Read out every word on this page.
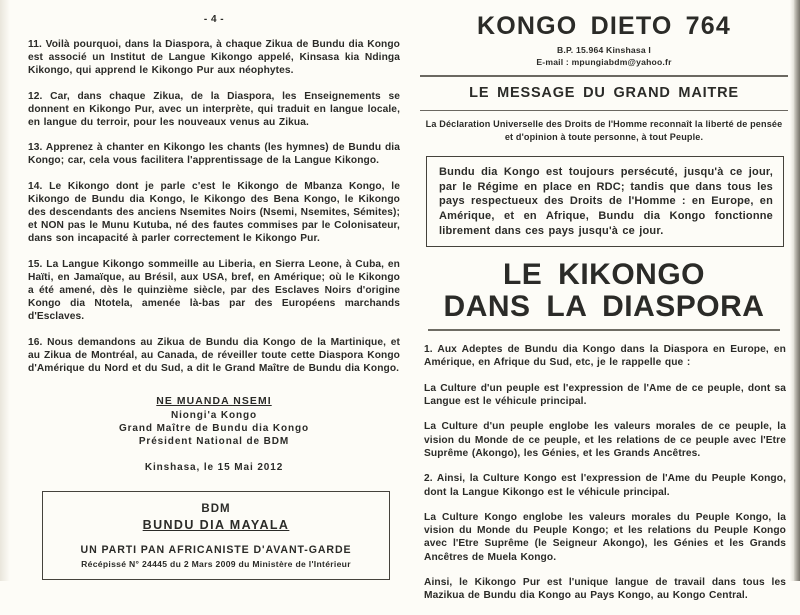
- 4 -

11. Voilà pourquoi, dans la Diaspora, à chaque Zikua de Bundu dia Kongo est associé un Institut de Langue Kikongo appelé, Kinsasa kia Ndinga Kikongo, qui apprend le Kikongo Pur aux néophytes.

12. Car, dans chaque Zikua, de la Diaspora, les Enseignements se donnent en Kikongo Pur, avec un interprète, qui traduit en langue locale, en langue du terroir, pour les nouveaux venus au Zikua.

13. Apprenez à chanter en Kikongo les chants (les hymnes) de Bundu dia Kongo; car, cela vous facilitera l'apprentissage de la Langue Kikongo.

14. Le Kikongo dont je parle c'est le Kikongo de Mbanza Kongo, le Kikongo de Bundu dia Kongo, le Kikongo des Bena Kongo, le Kikongo des descendants des anciens Nsemites Noirs (Nsemi, Nsemites, Sémites); et NON pas le Munu Kutuba, né des fautes commises par le Colonisateur, dans son incapacité à parler correctement le Kikongo Pur.

15. La Langue Kikongo sommeille au Liberia, en Sierra Leone, à Cuba, en Haïti, en Jamaïque, au Brésil, aux USA, bref, en Amérique; où le Kikongo a été amené, dès le quinzième siècle, par des Esclaves Noirs d'origine Kongo dia Ntotela, amenée là-bas par des Européens marchands d'Esclaves.

16. Nous demandons au Zikua de Bundu dia Kongo de la Martinique, et au Zikua de Montréal, au Canada, de réveiller toute cette Diaspora Kongo d'Amérique du Nord et du Sud, a dit le Grand Maître de Bundu dia Kongo.

NE MUANDA NSEMI
Niongi'a Kongo
Grand Maître de Bundu dia Kongo
Président National de BDM
Kinshasa, le 15 Mai 2012
BDM
BUNDU DIA MAYALA
UN PARTI PAN AFRICANISTE D'AVANT-GARDE
Récépissé N° 24445 du 2 Mars 2009 du Ministère de l'Intérieur
KONGO DIETO 764
B.P. 15.964 Kinshasa I
E-mail : mpungiabdm@yahoo.fr
LE MESSAGE DU GRAND MAITRE
La Déclaration Universelle des Droits de l'Homme reconnaît la liberté de pensée et d'opinion à toute personne, à tout Peuple.

Bundu dia Kongo est toujours persécuté, jusqu'à ce jour, par le Régime en place en RDC; tandis que dans tous les pays respectueux des Droits de l'Homme : en Europe, en Amérique, et en Afrique, Bundu dia Kongo fonctionne librement dans ces pays jusqu'à ce jour.

LE KIKONGO
DANS LA DIASPORA

1. Aux Adeptes de Bundu dia Kongo dans la Diaspora en Europe, en Amérique, en Afrique du Sud, etc, je le rappelle que :

La Culture d'un peuple est l'expression de l'Ame de ce peuple, dont sa Langue est le véhicule principal.

La Culture d'un peuple englobe les valeurs morales de ce peuple, la vision du Monde de ce peuple, et les relations de ce peuple avec l'Etre Suprême (Akongo), les Génies, et les Grands Ancêtres.

2. Ainsi, la Culture Kongo est l'expression de l'Ame du Peuple Kongo, dont la Langue Kikongo est le véhicule principal.

La Culture Kongo englobe les valeurs morales du Peuple Kongo, la vision du Monde du Peuple Kongo; et les relations du Peuple Kongo avec l'Etre Suprême (le Seigneur Akongo), les Génies et les Grands Ancêtres de Muela Kongo.

Ainsi, le Kikongo Pur est l'unique langue de travail dans tous les Mazikua de Bundu dia Kongo au Pays Kongo, au Kongo Central.
